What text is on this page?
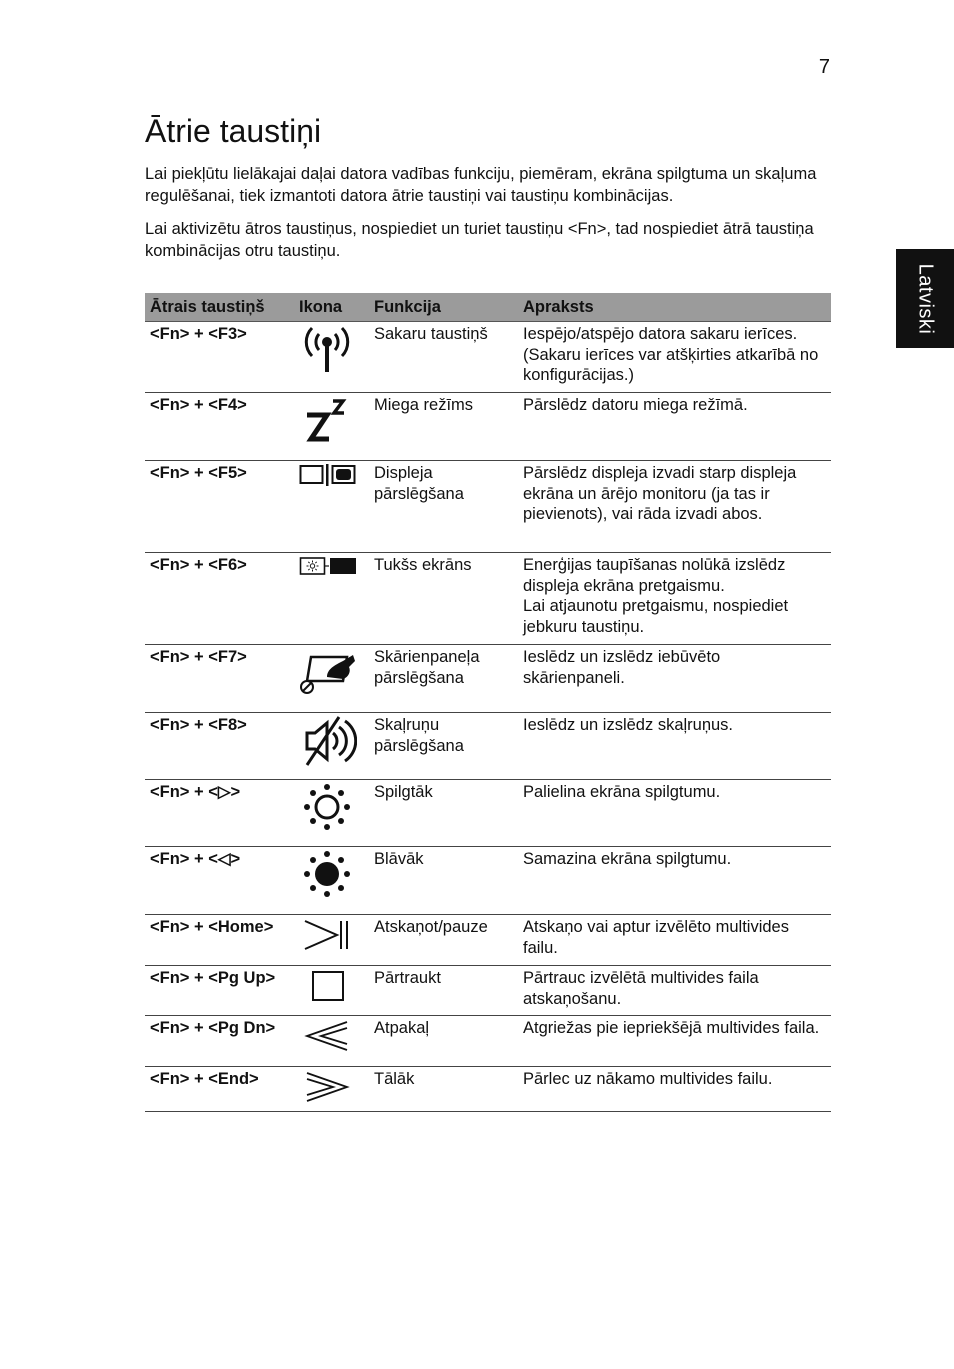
7
Latviski
Ātrie taustiņi

Lai piekļūtu lielākajai daļai datora vadības funkciju, piemēram, ekrāna spilgtuma un skaļuma regulēšanai, tiek izmantoti datora ātrie taustiņi vai taustiņu kombinācijas.

Lai aktivizētu ātros taustiņus, nospiediet un turiet taustiņu <Fn>, tad nospiediet ātrā taustiņa kombinācijas otru taustiņu.

Ātrais taustiņš	Ikona	Funkcija	Apraksts
<Fn> + <F3>		Sakaru taustiņš	Iespējo/atspējo datora sakaru ierīces. (Sakaru ierīces var atšķirties atkarībā no konfigurācijas.)
<Fn> + <F4>		Miega režīms	Pārslēdz datoru miega režīmā.
<Fn> + <F5>		Displeja pārslēgšana	Pārslēdz displeja izvadi starp displeja ekrāna un ārējo monitoru (ja tas ir pievienots), vai rāda izvadi abos.
<Fn> + <F6>		Tukšs ekrāns	Enerģijas taupīšanas nolūkā izslēdz displeja ekrāna pretgaismu.
Lai atjaunotu pretgaismu, nospiediet jebkuru taustiņu.
<Fn> + <F7>		Skārienpaneļa pārslēgšana	Ieslēdz un izslēdz iebūvēto skārienpaneli.
<Fn> + <F8>		Skaļruņu pārslēgšana	Ieslēdz un izslēdz skaļruņus.
<Fn> + <▷>		Spilgtāk	Palielina ekrāna spilgtumu.
<Fn> + <◁>		Blāvāk	Samazina ekrāna spilgtumu.
<Fn> + <Home>		Atskaņot/pauze	Atskaņo vai aptur izvēlēto multivides failu.
<Fn> + <Pg Up>		Pārtraukt	Pārtrauc izvēlētā multivides faila atskaņošanu.
<Fn> + <Pg Dn>		Atpakaļ	Atgriežas pie iepriekšējā multivides faila.
<Fn> + <End>		Tālāk	Pārlec uz nākamo multivides failu.
